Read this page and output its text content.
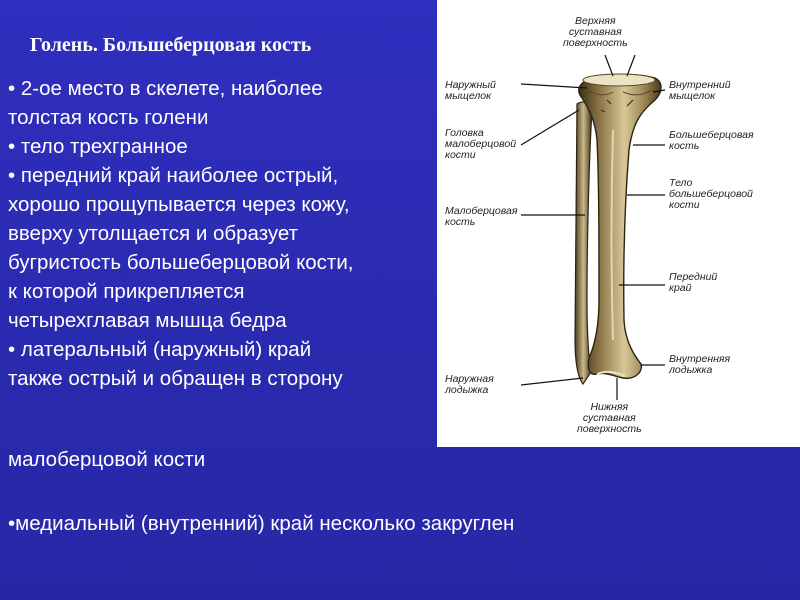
Голень. Большеберцовая кость
• 2-ое место в скелете, наиболее
толстая кость голени
• тело трехгранное
• передний край наиболее острый,
хорошо прощупывается через кожу,
вверху утолщается и образует
бугристость большеберцовой кости,
к которой прикрепляется
четырехглавая мышца бедра
• латеральный (наружный) край
также острый и обращен в сторону
малоберцовой кости
•медиальный (внутренний) край несколько закруглен
Верхняя
суставная
поверхность
Наружный
мыщелок
Внутренний
мыщелок
Головка
малоберцовой
кости
Большеберцовая
кость
Тело
большеберцовой
кости
Малоберцовая
кость
Передний
край
Внутренняя
лодыжка
Наружная
лодыжка
Нижняя
суставная
поверхность
